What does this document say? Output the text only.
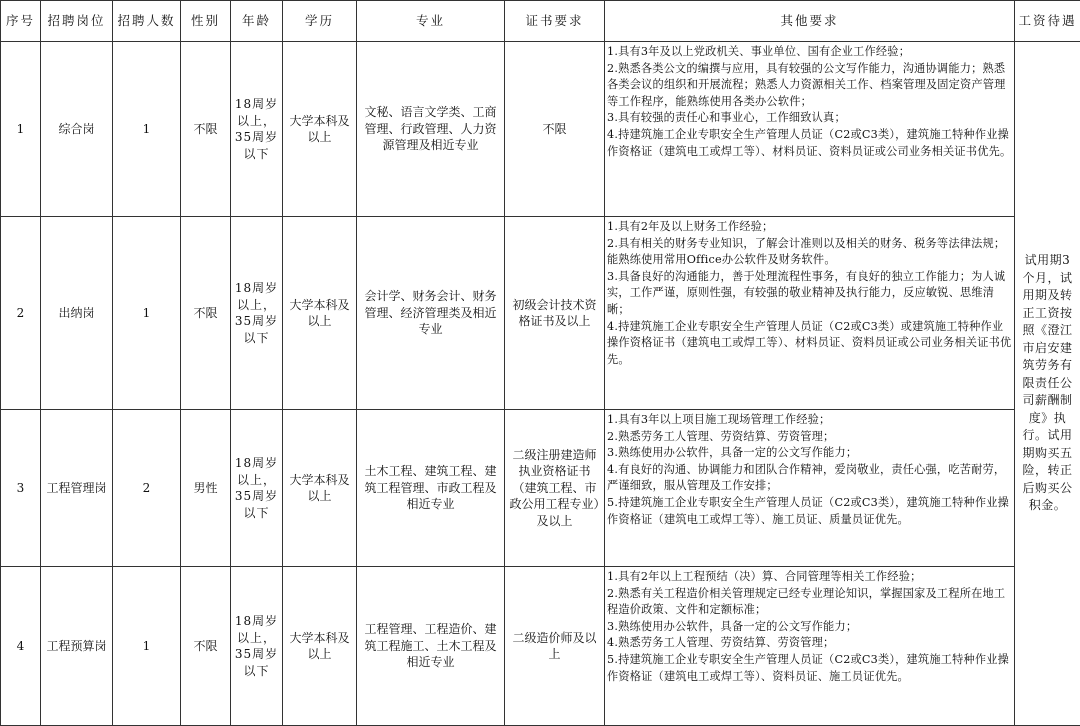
序号	招聘岗位	招聘人数	性别	年龄	学历	专业	证书要求	其他要求	工资待遇
1	综合岗	1	不限	18周岁以上，35周岁以下	大学本科及以上	文秘、语言文学类、工商管理、行政管理、人力资源管理及相近专业	不限	1.具有3年及以上党政机关、事业单位、国有企业工作经验；
2.熟悉各类公文的编撰与应用，具有较强的公文写作能力，沟通协调能力；熟悉各类会议的组织和开展流程；熟悉人力资源相关工作、档案管理及固定资产管理等工作程序，能熟练使用各类办公软件；
3.具有较强的责任心和事业心，工作细致认真；
4.持建筑施工企业专职安全生产管理人员证（C2或C3类），建筑施工特种作业操作资格证（建筑电工或焊工等）、材料员证、资料员证或公司业务相关证书优先。	试用期3个月，试用期及转正工资按照《澄江市启安建筑劳务有限责任公司薪酬制度》执行。试用期购买五险，转正后购买公积金。
2	出纳岗	1	不限	18周岁以上，35周岁以下	大学本科及以上	会计学、财务会计、财务管理、经济管理类及相近专业	初级会计技术资格证书及以上	1.具有2年及以上财务工作经验；
2.具有相关的财务专业知识，了解会计准则以及相关的财务、税务等法律法规；能熟练使用常用Office办公软件及财务软件。
3.具备良好的沟通能力，善于处理流程性事务，有良好的独立工作能力；为人诚实，工作严谨，原则性强，有较强的敬业精神及执行能力，反应敏锐、思维清晰；
4.持建筑施工企业专职安全生产管理人员证（C2或C3类）或建筑施工特种作业操作资格证书（建筑电工或焊工等）、材料员证、资料员证或公司业务相关证书优先。	

3	工程管理岗	2	男性	18周岁以上，35周岁以下	大学本科及以上	土木工程、建筑工程、建筑工程管理、市政工程及相近专业	二级注册建造师执业资格证书（建筑工程、市政公用工程专业）及以上	1.具有3年以上项目施工现场管理工作经验；
2.熟悉劳务工人管理、劳资结算、劳资管理；
3.熟练使用办公软件，具备一定的公文写作能力；
4.有良好的沟通、协调能力和团队合作精神，爱岗敬业，责任心强，吃苦耐劳，严谨细致，服从管理及工作安排；
5.持建筑施工企业专职安全生产管理人员证（C2或C3类），建筑施工特种作业操作资格证（建筑电工或焊工等）、施工员证、质量员证优先。	

4	工程预算岗	1	不限	18周岁以上，35周岁以下	大学本科及以上	工程管理、工程造价、建筑工程施工、土木工程及相近专业	二级造价师及以上	1.具有2年以上工程预结（决）算、合同管理等相关工作经验；
2.熟悉有关工程造价相关管理规定已经专业理论知识，掌握国家及工程所在地工程造价政策、文件和定额标准；
3.熟练使用办公软件，具备一定的公文写作能力；
4.熟悉劳务工人管理、劳资结算、劳资管理；
5.持建筑施工企业专职安全生产管理人员证（C2或C3类），建筑施工特种作业操作资格证（建筑电工或焊工等）、资料员证、施工员证优先。	
